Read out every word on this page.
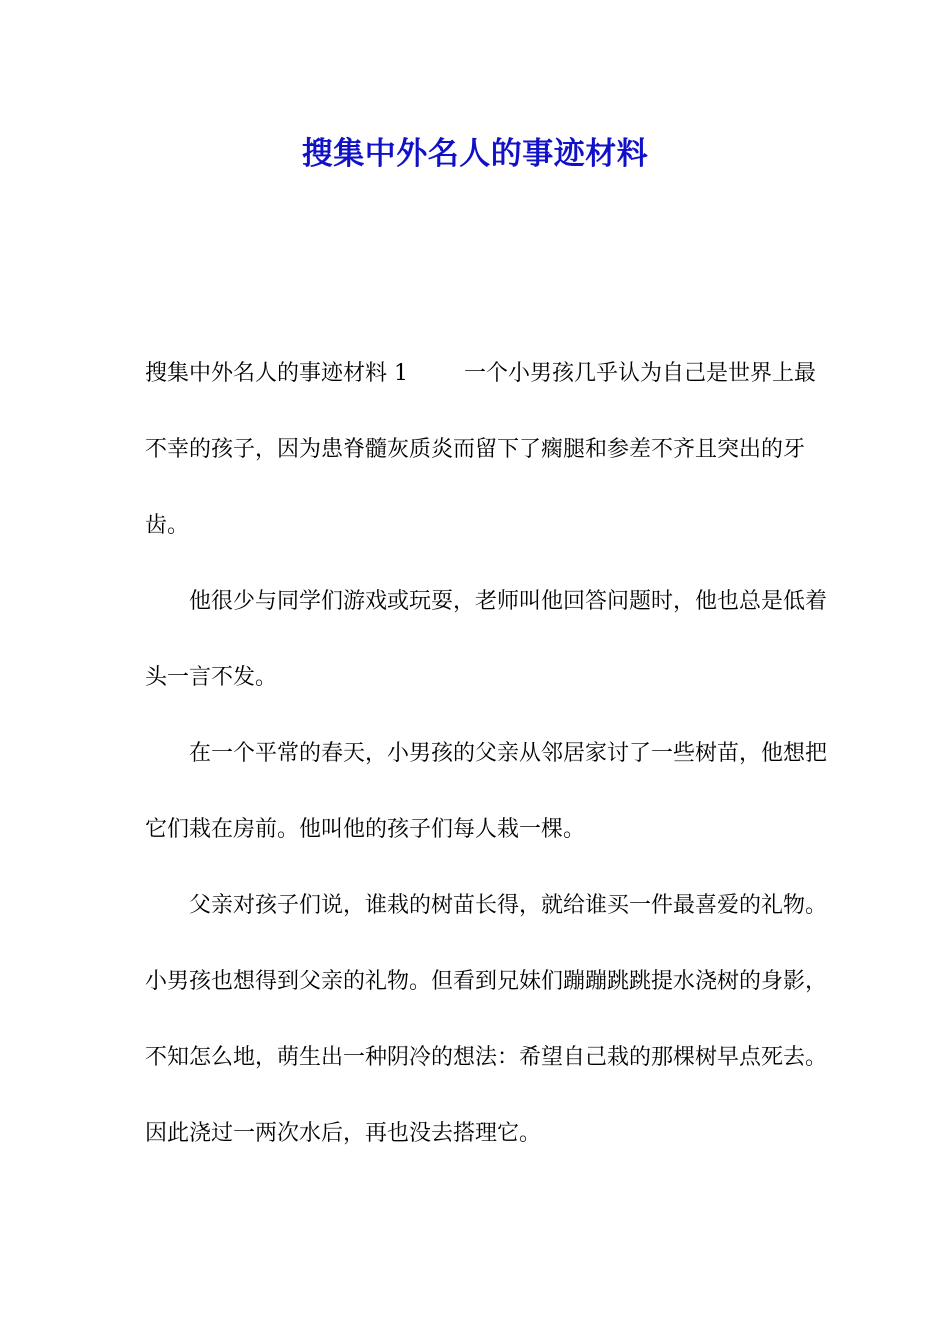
搜集中外名人的事迹材料

搜集中外名人的事迹材料 1	一个小男孩几乎认为自己是世界上最不幸的孩子，因为患脊髓灰质炎而留下了瘸腿和参差不齐且突出的牙齿。

他很少与同学们游戏或玩耍，老师叫他回答问题时，他也总是低着头一言不发。

在一个平常的春天，小男孩的父亲从邻居家讨了一些树苗，他想把它们栽在房前。他叫他的孩子们每人栽一棵。

父亲对孩子们说，谁栽的树苗长得，就给谁买一件最喜爱的礼物。小男孩也想得到父亲的礼物。但看到兄妹们蹦蹦跳跳提水浇树的身影，不知怎么地，萌生出一种阴冷的想法：希望自己栽的那棵树早点死去。因此浇过一两次水后，再也没去搭理它。
